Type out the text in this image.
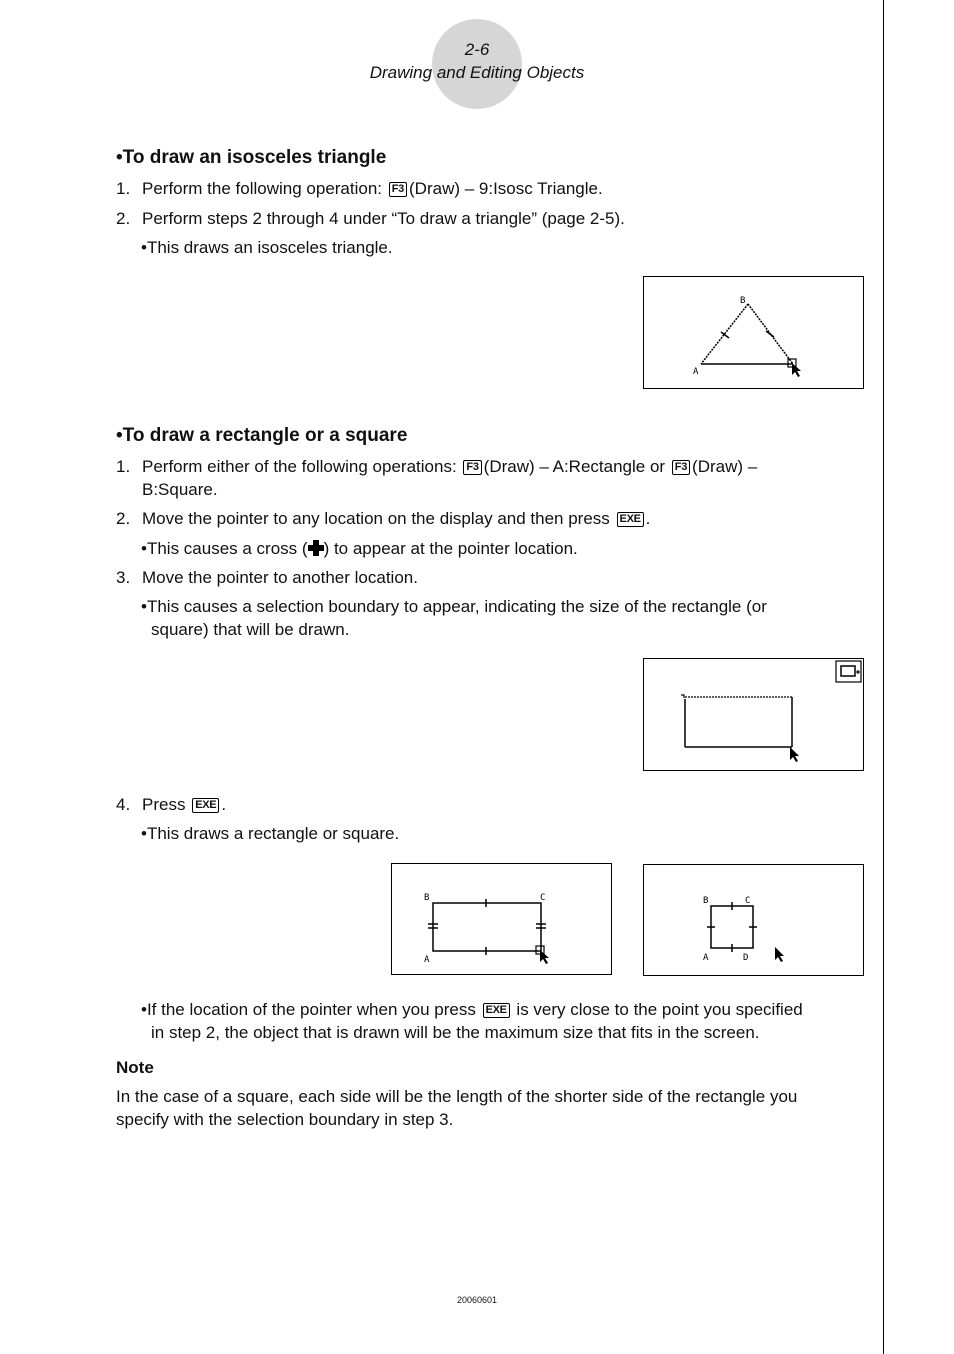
2-6
Drawing and Editing Objects
•To draw an isosceles triangle
1. Perform the following operation: F3 (Draw) – 9:Isosc Triangle.
2. Perform steps 2 through 4 under “To draw a triangle” (page 2-5).
•This draws an isosceles triangle.
B
A
•To draw a rectangle or a square
1. Perform either of the following operations: F3 (Draw) – A:Rectangle or F3 (Draw) –
B:Square.
2. Move the pointer to any location on the display and then press EXE .
•This causes a cross ( ) to appear at the pointer location.
3. Move the pointer to another location.
•This causes a selection boundary to appear, indicating the size of the rectangle (or
square) that will be drawn.
4. Press EXE .
•This draws a rectangle or square.
B	C
A
B	C
A	D
•If the location of the pointer when you press EXE is very close to the point you specified
in step 2, the object that is drawn will be the maximum size that fits in the screen.
Note
In the case of a square, each side will be the length of the shorter side of the rectangle you
specify with the selection boundary in step 3.
20060601
